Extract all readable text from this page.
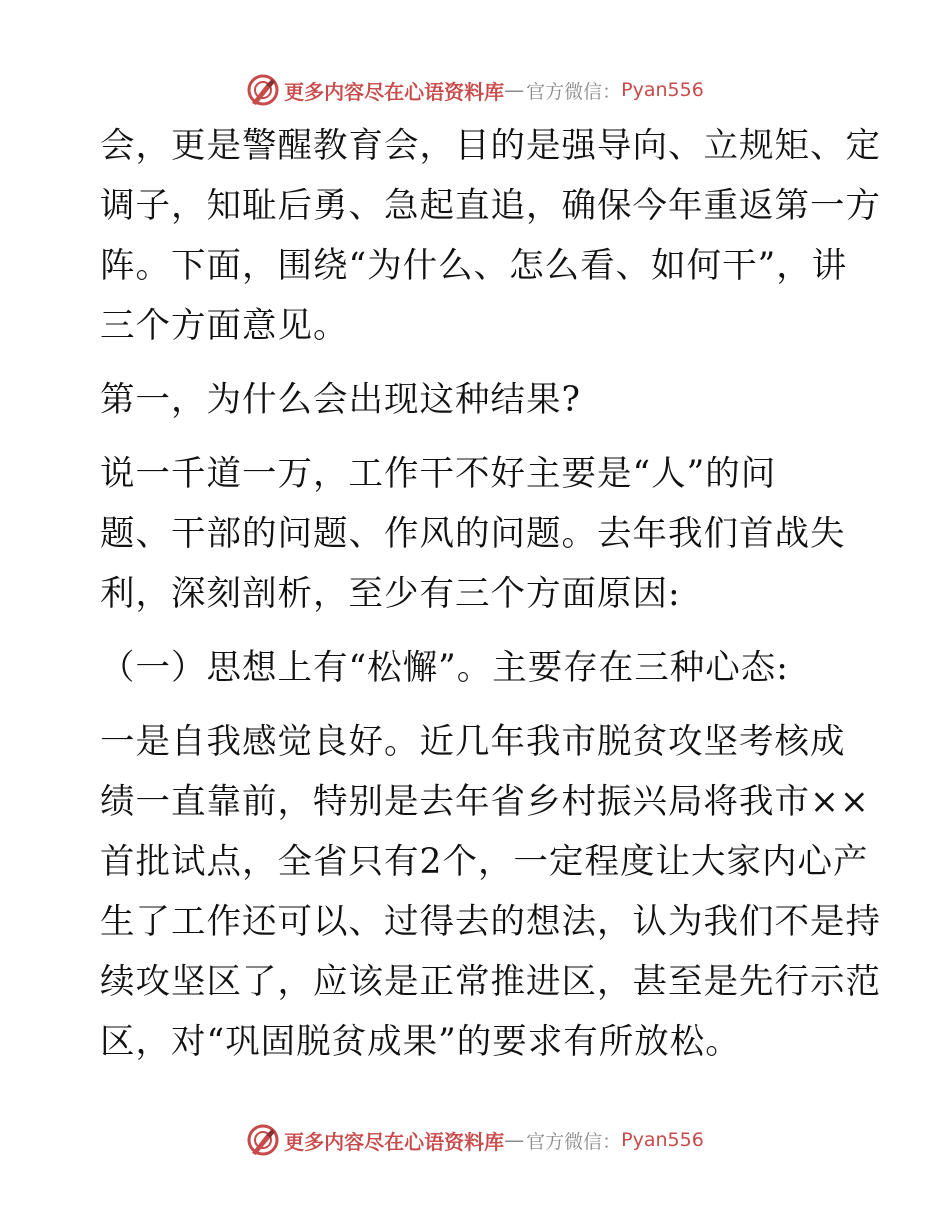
更多内容尽在心语资料库 — 官方微信： Pyan556

会，更是警醒教育会，目的是强导向、立规矩、定
调子，知耻后勇、急起直追，确保今年重返第一方
阵。下面，围绕“为什么、怎么看、如何干”，讲
三个方面意见。

第一，为什么会出现这种结果?

说一千道一万，工作干不好主要是“人”的问
题、干部的问题、作风的问题。去年我们首战失
利，深刻剖析，至少有三个方面原因:

（一）思想上有“松懈”。主要存在三种心态:

一是自我感觉良好。近几年我市脱贫攻坚考核成
绩一直靠前，特别是去年省乡村振兴局将我市××
首批试点，全省只有2个，一定程度让大家内心产
生了工作还可以、过得去的想法，认为我们不是持
续攻坚区了，应该是正常推进区，甚至是先行示范
区，对“巩固脱贫成果”的要求有所放松。

更多内容尽在心语资料库 — 官方微信： Pyan556
